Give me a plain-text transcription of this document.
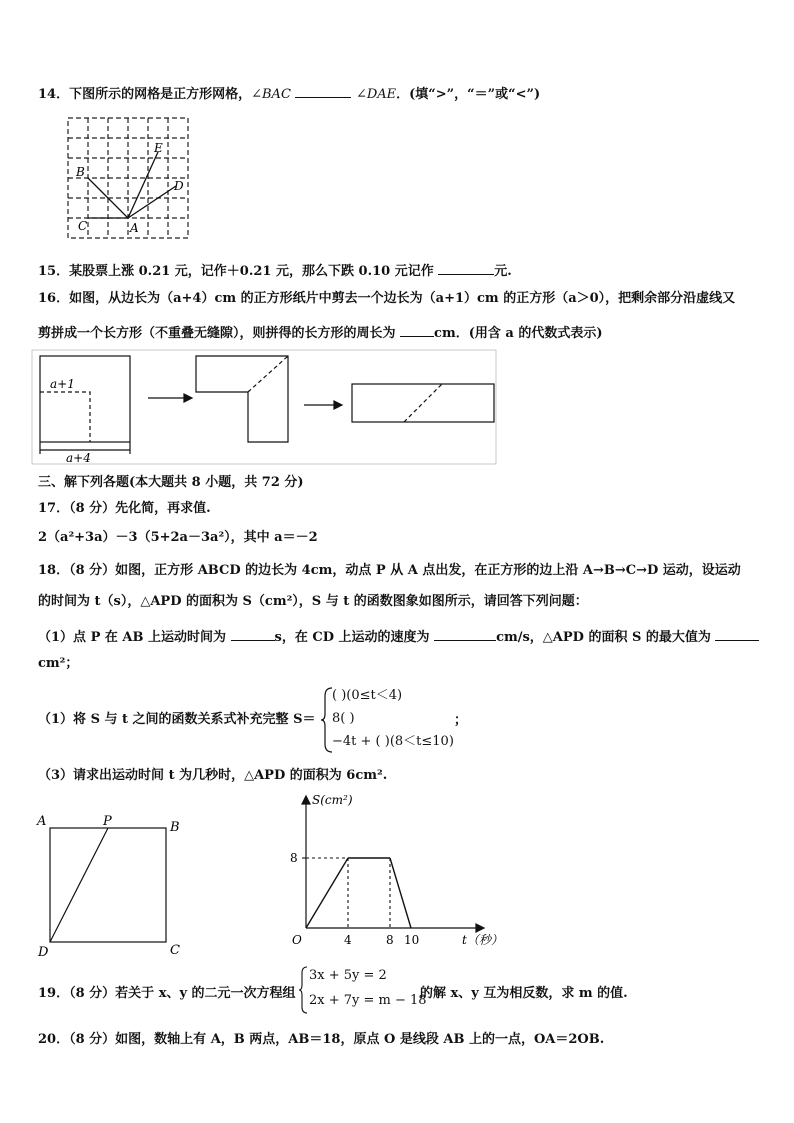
14．下图所示的网格是正方形网格，∠BAC	∠DAE．(填“>”，“＝”或“<”)
B
C	A
D
E
15．某股票上涨 0.21 元，记作＋0.21 元，那么下跌 0.10 元记作	元.
16．如图，从边长为（a+4）cm 的正方形纸片中剪去一个边长为（a+1）cm 的正方形（a＞0），把剩余部分沿虚线又
剪拼成一个长方形（不重叠无缝隙），则拼得的长方形的周长为	cm．(用含 a 的代数式表示)
a+1
a+4
三、解下列各题(本大题共 8 小题，共 72 分)
17．（8 分）先化简，再求值.
2（a²+3a）－3（5+2a－3a²），其中 a＝－2
18．（8 分）如图，正方形 ABCD 的边长为 4cm，动点 P 从 A 点出发，在正方形的边上沿 A→B→C→D 运动，设运动
的时间为 t（s），△APD 的面积为 S（cm²），S 与 t 的函数图象如图所示，请回答下列问题：
（1）点 P 在 AB 上运动时间为	s，在 CD 上运动的速度为	cm/s，△APD 的面积 S 的最大值为
cm²；
（1）将 S 与 t 之间的函数关系式补充完整 S＝
( )(0≤t＜4)
8( )
−4t + ( )(8＜t≤10)
；
（3）请求出运动时间 t 为几秒时，△APD 的面积为 6cm².
A	P	B
D	C
8
4	8 10
S(cm²)
t（秒）
O
19．（8 分）若关于 x、y 的二元一次方程组
3x + 5y = 2
2x + 7y = m − 18
的解 x、y 互为相反数，求 m 的值.
20．（8 分）如图，数轴上有 A，B 两点，AB＝18，原点 O 是线段 AB 上的一点，OA＝2OB.
